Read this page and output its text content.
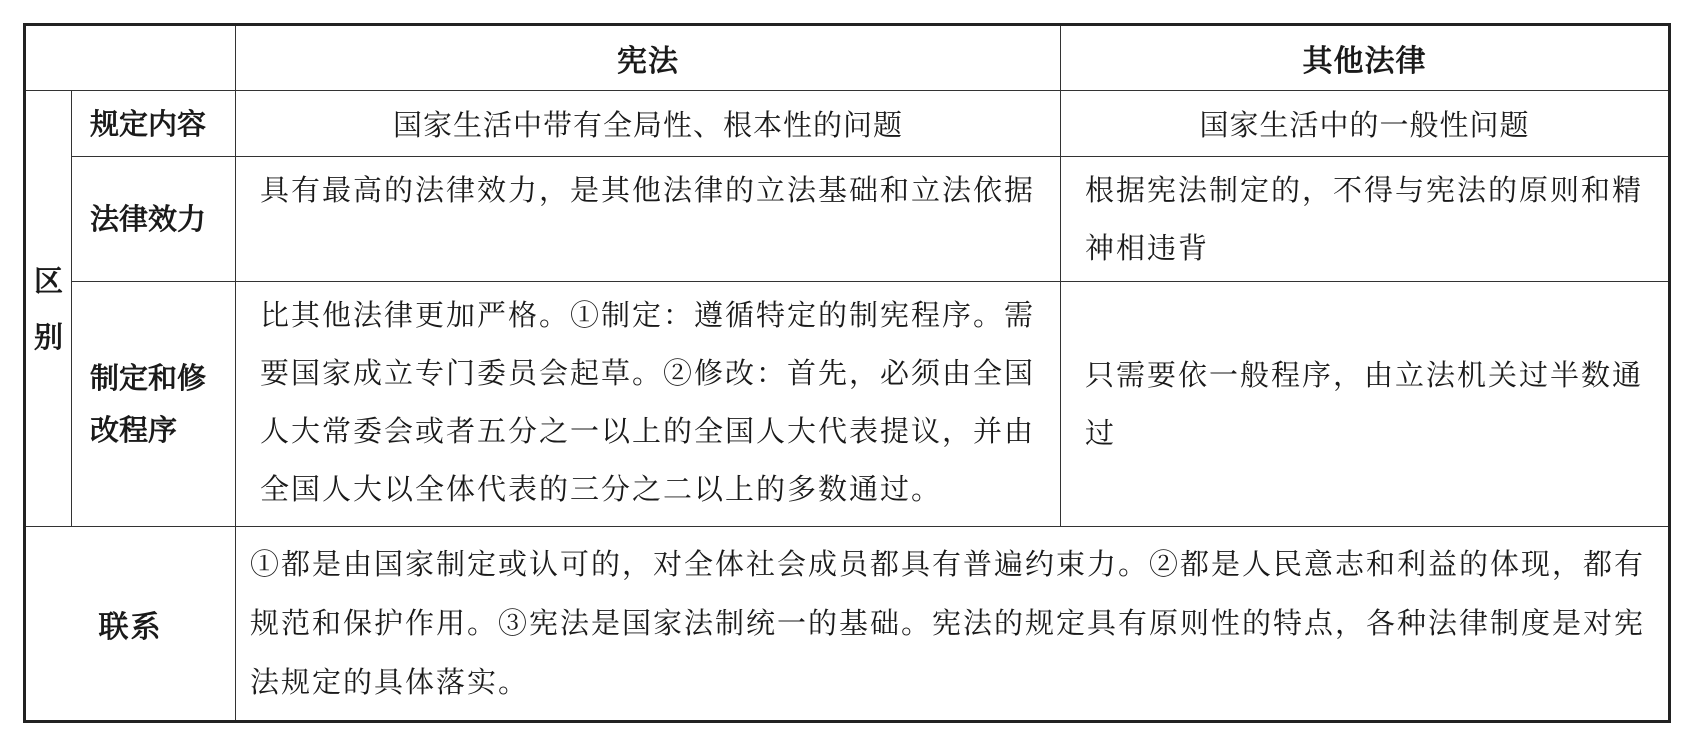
		宪法	其他法律
区别	规定内容	国家生活中带有全局性、根本性的问题	国家生活中的一般性问题
	法律效力	具有最高的法律效力，是其他法律的立法基础和立法依据	根据宪法制定的，不得与宪法的原则和精神相违背
	制定和修改程序	比其他法律更加严格。①制定：遵循特定的制宪程序。需要国家成立专门委员会起草。②修改：首先，必须由全国人大常委会或者五分之一以上的全国人大代表提议，并由全国人大以全体代表的三分之二以上的多数通过。	只需要依一般程序，由立法机关过半数通过
联系		①都是由国家制定或认可的，对全体社会成员都具有普遍约束力。②都是人民意志和利益的体现，都有规范和保护作用。③宪法是国家法制统一的基础。宪法的规定具有原则性的特点，各种法律制度是对宪法规定的具体落实。	
